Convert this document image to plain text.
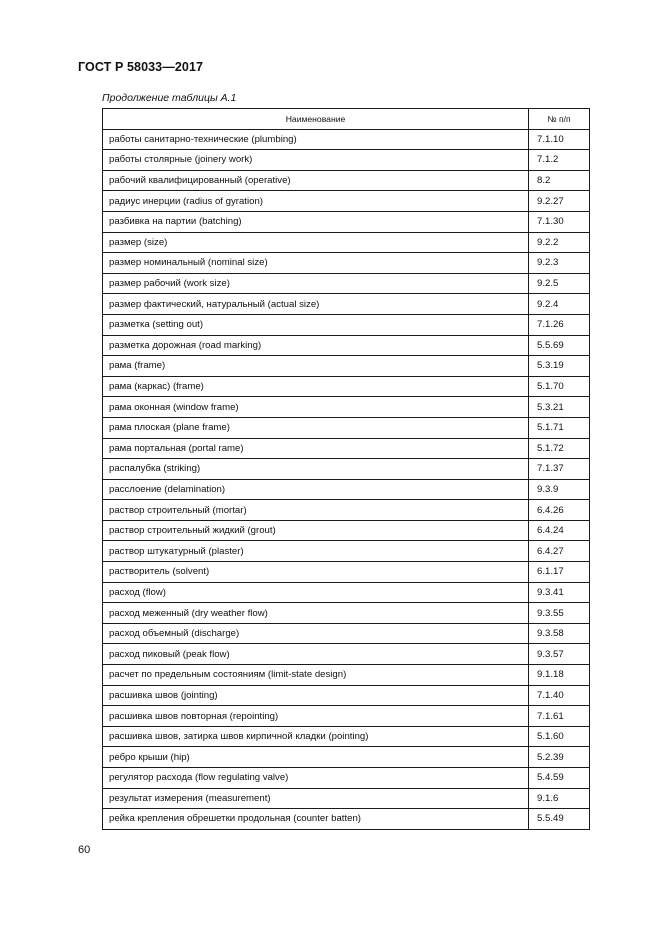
ГОСТ Р 58033—2017
Продолжение таблицы А.1
Наименование	№ п/п
работы санитарно-технические (plumbing)	7.1.10
работы столярные (joinery work)	7.1.2
рабочий квалифицированный (operative)	8.2
радиус инерции (radius of gyration)	9.2.27
разбивка на партии (batching)	7.1.30
размер (size)	9.2.2
размер номинальный (nominal size)	9.2.3
размер рабочий (work size)	9.2.5
размер фактический, натуральный (actual size)	9.2.4
разметка (setting out)	7.1.26
разметка дорожная (road marking)	5.5.69
рама (frame)	5.3.19
рама (каркас) (frame)	5.1.70
рама оконная (window frame)	5.3.21
рама плоская (plane frame)	5.1.71
рама портальная (portal rame)	5.1.72
распалубка (striking)	7.1.37
расслоение (delamination)	9.3.9
раствор строительный (mortar)	6.4.26
раствор строительный жидкий (grout)	6.4.24
раствор штукатурный (plaster)	6.4.27
растворитель (solvent)	6.1.17
расход (flow)	9.3.41
расход меженный (dry weather flow)	9.3.55
расход объемный (discharge)	9.3.58
расход пиковый (peak flow)	9.3.57
расчет по предельным состояниям (limit-state design)	9.1.18
расшивка швов (jointing)	7.1.40
расшивка швов повторная (repointing)	7.1.61
расшивка швов, затирка швов кирпичной кладки (pointing)	5.1.60
ребро крыши (hip)	5.2.39
регулятор расхода (flow regulating valve)	5.4.59
результат измерения (measurement)	9.1.6
рейка крепления обрешетки продольная (counter batten)	5.5.49
60
